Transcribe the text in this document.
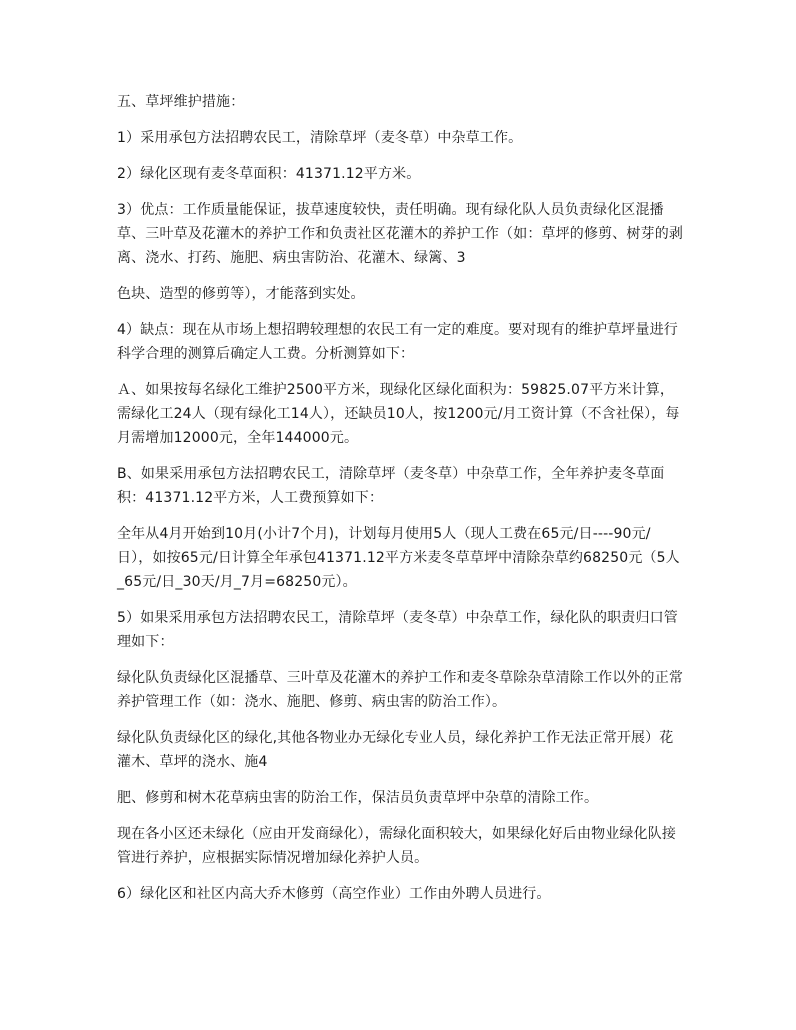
五、草坪维护措施：

1）采用承包方法招聘农民工，清除草坪（麦冬草）中杂草工作。

2）绿化区现有麦冬草面积：41371.12平方米。

3）优点：工作质量能保证，拔草速度较快，责任明确。现有绿化队人员负责绿化区混播草、三叶草及花灌木的养护工作和负责社区花灌木的养护工作（如：草坪的修剪、树芽的剥离、浇水、打药、施肥、病虫害防治、花灌木、绿篱、3

色块、造型的修剪等），才能落到实处。

4）缺点：现在从市场上想招聘较理想的农民工有一定的难度。要对现有的维护草坪量进行科学合理的测算后确定人工费。分析测算如下：

Ａ、如果按每名绿化工维护2500平方米，现绿化区绿化面积为：59825.07平方米计算，需绿化工24人（现有绿化工14人），还缺员10人，按1200元/月工资计算（不含社保），每月需增加12000元，全年144000元。

B、如果采用承包方法招聘农民工，清除草坪（麦冬草）中杂草工作，全年养护麦冬草面积：41371.12平方米，人工费预算如下：

全年从4月开始到10月(小计7个月)，计划每月使用5人（现人工费在65元/日----90元/日），如按65元/日计算全年承包41371.12平方米麦冬草草坪中清除杂草约68250元（5人_65元/日_30天/月_7月=68250元）。

5）如果采用承包方法招聘农民工，清除草坪（麦冬草）中杂草工作，绿化队的职责归口管理如下：

绿化队负责绿化区混播草、三叶草及花灌木的养护工作和麦冬草除杂草清除工作以外的正常养护管理工作（如：浇水、施肥、修剪、病虫害的防治工作）。

绿化队负责绿化区的绿化,其他各物业办无绿化专业人员，绿化养护工作无法正常开展）花灌木、草坪的浇水、施4

肥、修剪和树木花草病虫害的防治工作，保洁员负责草坪中杂草的清除工作。

现在各小区还未绿化（应由开发商绿化），需绿化面积较大，如果绿化好后由物业绿化队接管进行养护，应根据实际情况增加绿化养护人员。

6）绿化区和社区内高大乔木修剪（高空作业）工作由外聘人员进行。
